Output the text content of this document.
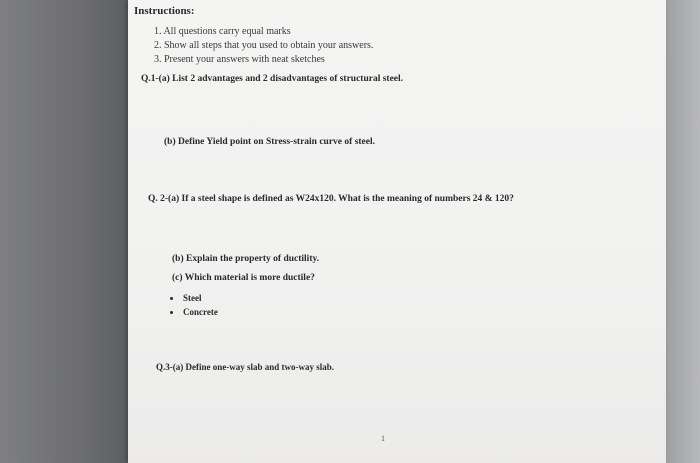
Instructions:
1. All questions carry equal marks
2. Show all steps that you used to obtain your answers.
3. Present your answers with neat sketches
Q.1-(a) List 2 advantages and 2 disadvantages of structural steel.
(b) Define Yield point on Stress-strain curve of steel.
Q. 2-(a) If a steel shape is defined as W24x120. What is the meaning of numbers 24 & 120?
(b) Explain the property of ductility.
(c) Which material is more ductile?
Steel
Concrete
Q.3-(a) Define one-way slab and two-way slab.
1
